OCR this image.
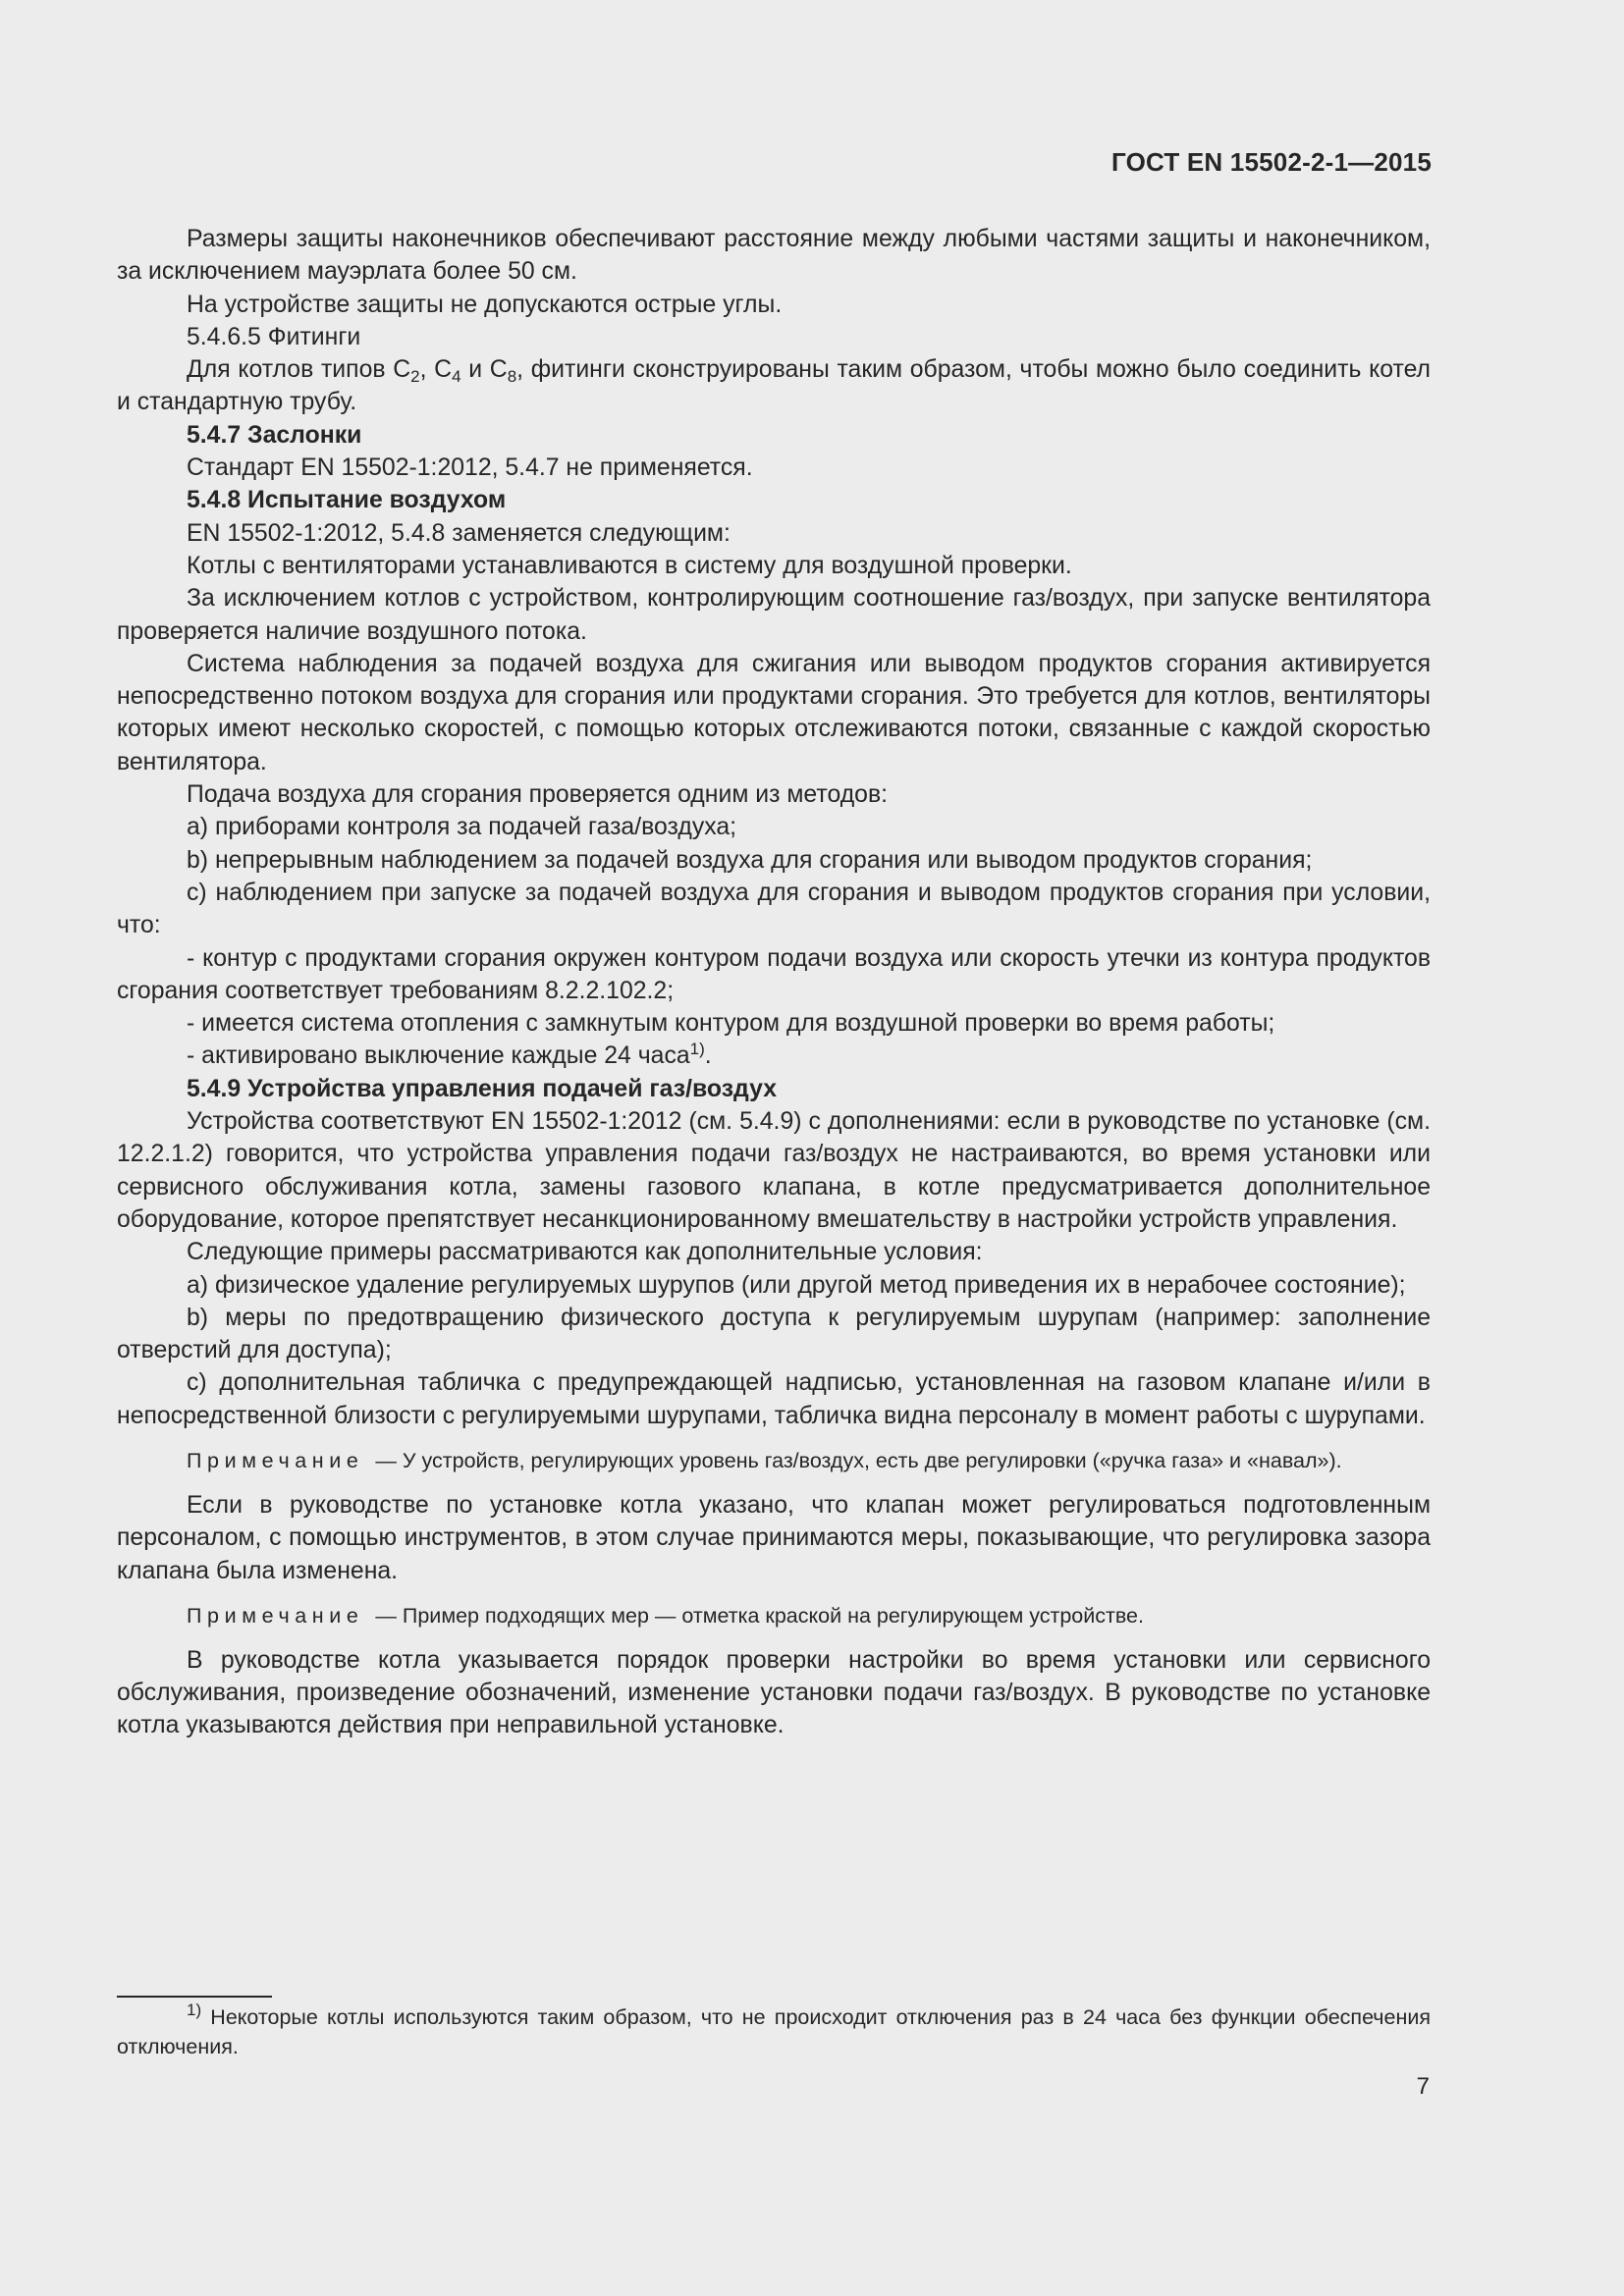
ГОСТ EN 15502-2-1—2015

Размеры защиты наконечников обеспечивают расстояние между любыми частями защиты и наконечником, за исключением мауэрлата более 50 см.

На устройстве защиты не допускаются острые углы.

5.4.6.5 Фитинги

Для котлов типов $C_2$, $C_4$ и $C_8$, фитинги сконструированы таким образом, чтобы можно было соединить котел и стандартную трубу.

5.4.7 Заслонки

Стандарт EN 15502-1:2012, 5.4.7 не применяется.

5.4.8 Испытание воздухом

EN 15502-1:2012, 5.4.8 заменяется следующим:

Котлы с вентиляторами устанавливаются в систему для воздушной проверки.

За исключением котлов с устройством, контролирующим соотношение газ/воздух, при запуске вентилятора проверяется наличие воздушного потока.

Система наблюдения за подачей воздуха для сжигания или выводом продуктов сгорания активируется непосредственно потоком воздуха для сгорания или продуктами сгорания. Это требуется для котлов, вентиляторы которых имеют несколько скоростей, с помощью которых отслеживаются потоки, связанные с каждой скоростью вентилятора.

Подача воздуха для сгорания проверяется одним из методов:

a) приборами контроля за подачей газа/воздуха;

b) непрерывным наблюдением за подачей воздуха для сгорания или выводом продуктов сгорания;

c) наблюдением при запуске за подачей воздуха для сгорания и выводом продуктов сгорания при условии, что:

- контур с продуктами сгорания окружен контуром подачи воздуха или скорость утечки из контура продуктов сгорания соответствует требованиям 8.2.2.102.2;

- имеется система отопления с замкнутым контуром для воздушной проверки во время работы;

- активировано выключение каждые 24 часа$^{1)}$.

5.4.9 Устройства управления подачей газ/воздух

Устройства соответствуют EN 15502-1:2012 (см. 5.4.9) с дополнениями: если в руководстве по установке (см. 12.2.1.2) говорится, что устройства управления подачи газ/воздух не настраиваются, во время установки или сервисного обслуживания котла, замены газового клапана, в котле предусматривается дополнительное оборудование, которое препятствует несанкционированному вмешательству в настройки устройств управления.

Следующие примеры рассматриваются как дополнительные условия:

a) физическое удаление регулируемых шурупов (или другой метод приведения их в нерабочее состояние);

b) меры по предотвращению физического доступа к регулируемым шурупам (например: заполнение отверстий для доступа);

c) дополнительная табличка с предупреждающей надписью, установленная на газовом клапане и/или в непосредственной близости с регулируемыми шурупами, табличка видна персоналу в момент работы с шурупами.

Примечание — У устройств, регулирующих уровень газ/воздух, есть две регулировки («ручка газа» и «навал»).

Если в руководстве по установке котла указано, что клапан может регулироваться подготовленным персоналом, с помощью инструментов, в этом случае принимаются меры, показывающие, что регулировка зазора клапана была изменена.

Примечание — Пример подходящих мер — отметка краской на регулирующем устройстве.

В руководстве котла указывается порядок проверки настройки во время установки или сервисного обслуживания, произведение обозначений, изменение установки подачи газ/воздух. В руководстве по установке котла указываются действия при неправильной установке.

$^{1)}$ Некоторые котлы используются таким образом, что не происходит отключения раз в 24 часа без функции обеспечения отключения.
7
